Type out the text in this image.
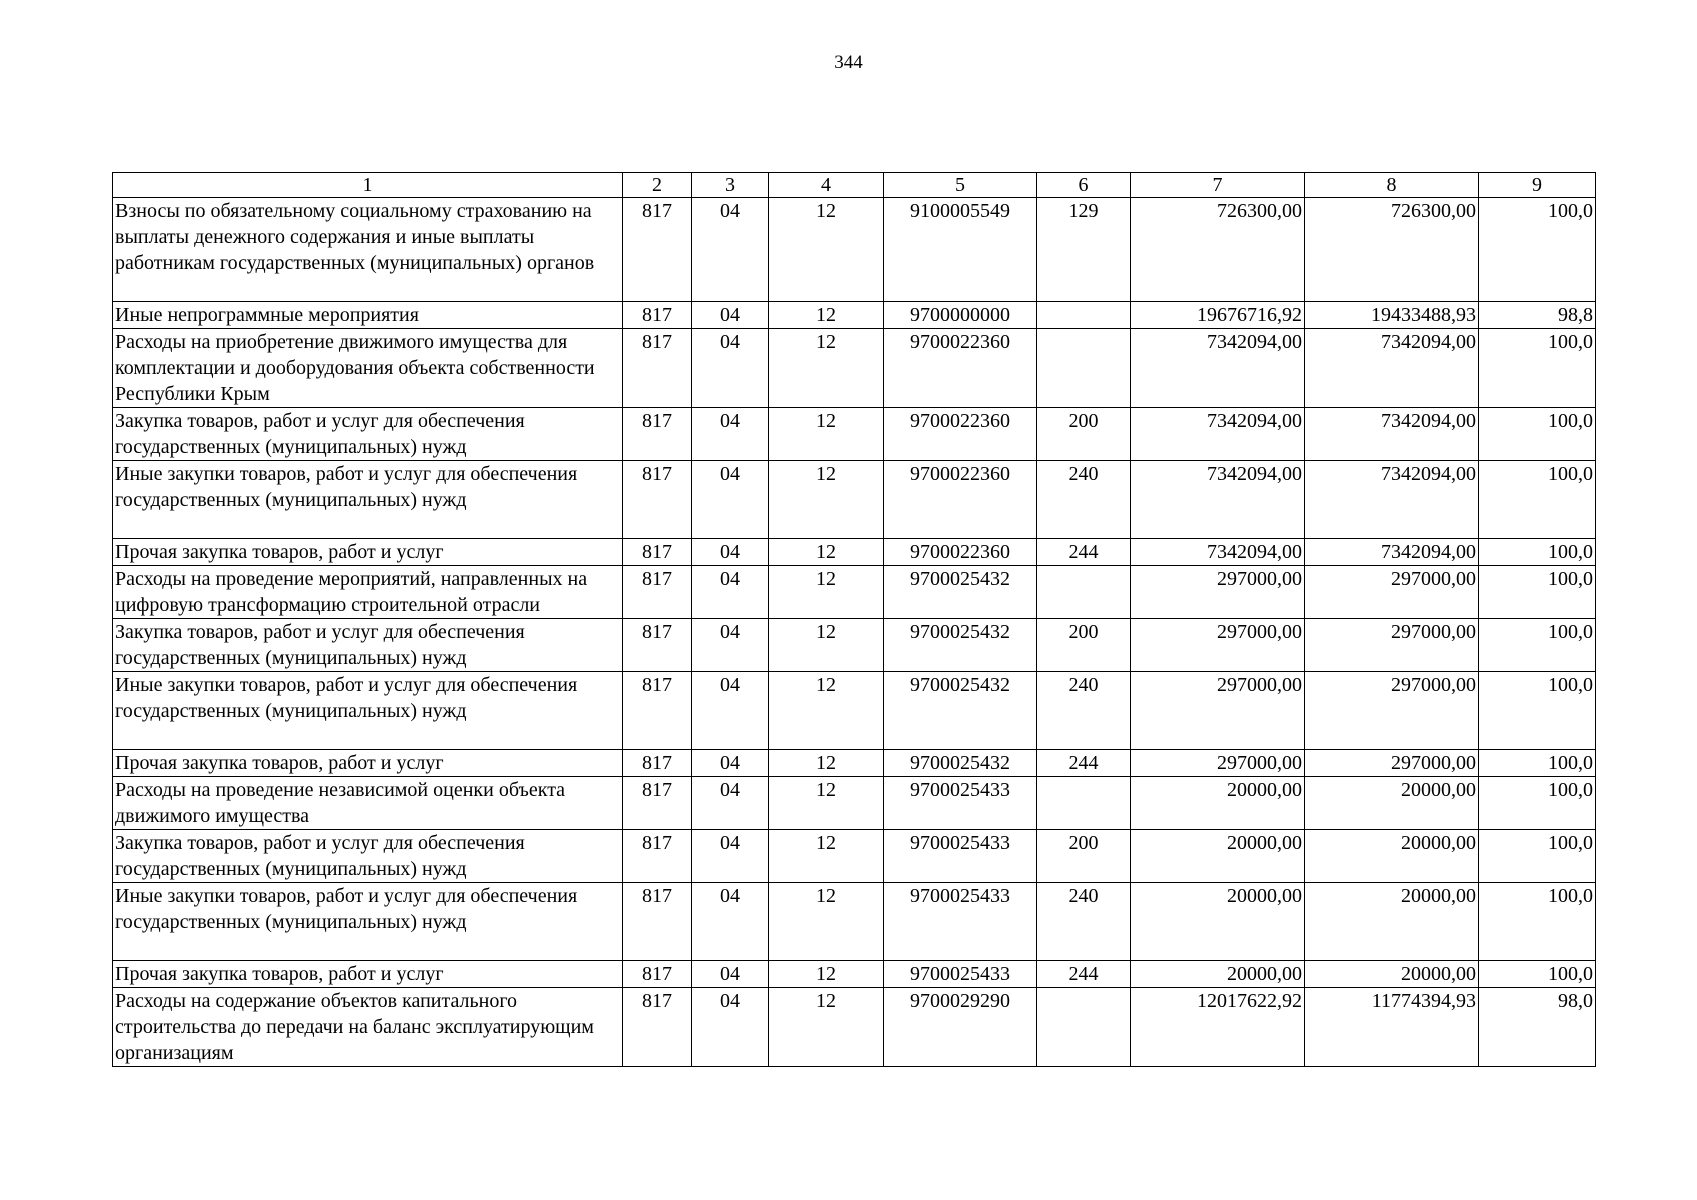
344
1	2	3	4	5	6	7	8	9
Взносы по обязательному социальному страхованию на выплаты денежного содержания и иные выплаты работникам государственных (муниципальных) органов	817	04	12	9100005549	129	726300,00	726300,00	100,0
Иные непрограммные мероприятия	817	04	12	9700000000		19676716,92	19433488,93	98,8
Расходы на приобретение движимого имущества для комплектации и дооборудования объекта собственности Республики Крым	817	04	12	9700022360		7342094,00	7342094,00	100,0
Закупка товаров, работ и услуг для обеспечения государственных (муниципальных) нужд	817	04	12	9700022360	200	7342094,00	7342094,00	100,0
Иные закупки товаров, работ и услуг для обеспечения государственных (муниципальных) нужд	817	04	12	9700022360	240	7342094,00	7342094,00	100,0
Прочая закупка товаров, работ и услуг	817	04	12	9700022360	244	7342094,00	7342094,00	100,0
Расходы на проведение мероприятий, направленных на цифровую трансформацию строительной отрасли	817	04	12	9700025432		297000,00	297000,00	100,0
Закупка товаров, работ и услуг для обеспечения государственных (муниципальных) нужд	817	04	12	9700025432	200	297000,00	297000,00	100,0
Иные закупки товаров, работ и услуг для обеспечения государственных (муниципальных) нужд	817	04	12	9700025432	240	297000,00	297000,00	100,0
Прочая закупка товаров, работ и услуг	817	04	12	9700025432	244	297000,00	297000,00	100,0
Расходы на проведение независимой оценки объекта движимого имущества	817	04	12	9700025433		20000,00	20000,00	100,0
Закупка товаров, работ и услуг для обеспечения государственных (муниципальных) нужд	817	04	12	9700025433	200	20000,00	20000,00	100,0
Иные закупки товаров, работ и услуг для обеспечения государственных (муниципальных) нужд	817	04	12	9700025433	240	20000,00	20000,00	100,0
Прочая закупка товаров, работ и услуг	817	04	12	9700025433	244	20000,00	20000,00	100,0
Расходы на содержание объектов капитального строительства до передачи на баланс эксплуатирующим организациям	817	04	12	9700029290		12017622,92	11774394,93	98,0
